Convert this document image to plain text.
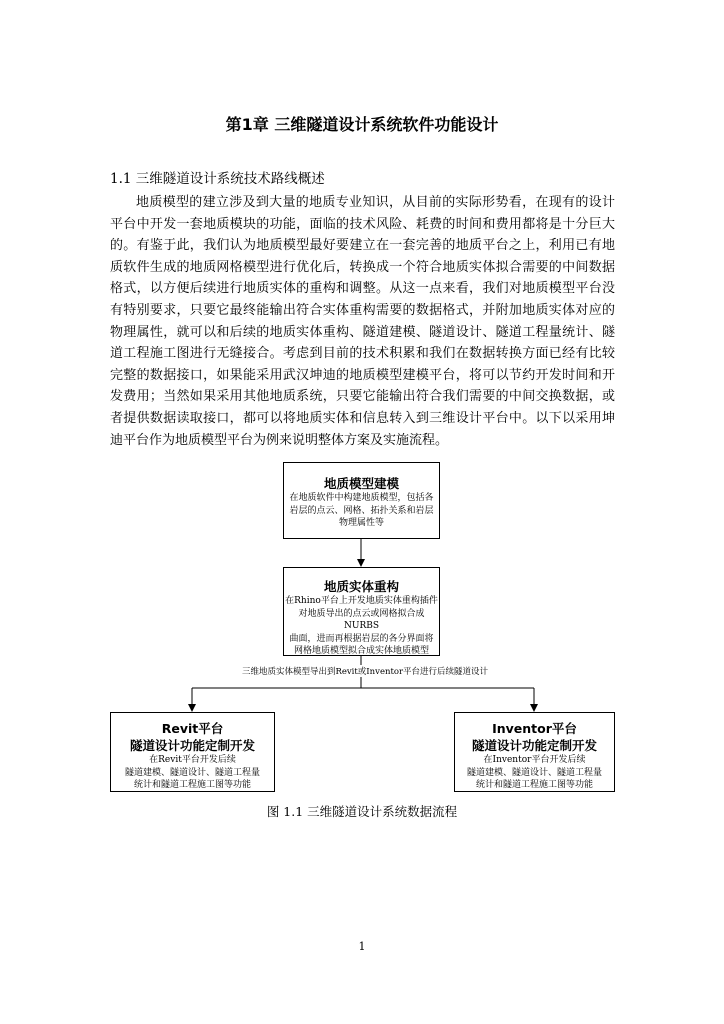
第1章 三维隧道设计系统软件功能设计
1.1 三维隧道设计系统技术路线概述
地质模型的建立涉及到大量的地质专业知识，从目前的实际形势看，在现有的设计
平台中开发一套地质模块的功能，面临的技术风险、耗费的时间和费用都将是十分巨大
的。有鉴于此，我们认为地质模型最好要建立在一套完善的地质平台之上，利用已有地
质软件生成的地质网格模型进行优化后，转换成一个符合地质实体拟合需要的中间数据
格式，以方便后续进行地质实体的重构和调整。从这一点来看，我们对地质模型平台没
有特别要求，只要它最终能输出符合实体重构需要的数据格式，并附加地质实体对应的
物理属性，就可以和后续的地质实体重构、隧道建模、隧道设计、隧道工程量统计、隧
道工程施工图进行无缝接合。考虑到目前的技术积累和我们在数据转换方面已经有比较
完整的数据接口，如果能采用武汉坤迪的地质模型建模平台，将可以节约开发时间和开
发费用；当然如果采用其他地质系统，只要它能输出符合我们需要的中间交换数据，或
者提供数据读取接口，都可以将地质实体和信息转入到三维设计平台中。以下以采用坤
迪平台作为地质模型平台为例来说明整体方案及实施流程。
地质模型建模
在地质软件中构建地质模型，包括各
岩层的点云、网格、拓扑关系和岩层
物理属性等
地质实体重构
在Rhino平台上开发地质实体重构插件
对地质导出的点云或网格拟合成NURBS
曲面，进而再根据岩层的各分界面将
网格地质模型拟合成实体地质模型
三维地质实体模型导出到Revit或Inventor平台进行后续隧道设计
Revit平台
隧道设计功能定制开发
在Revit平台开发后续
隧道建模、隧道设计、隧道工程量
统计和隧道工程施工图等功能
Inventor平台
隧道设计功能定制开发
在Inventor平台开发后续
隧道建模、隧道设计、隧道工程量
统计和隧道工程施工图等功能
图 1.1 三维隧道设计系统数据流程
1
